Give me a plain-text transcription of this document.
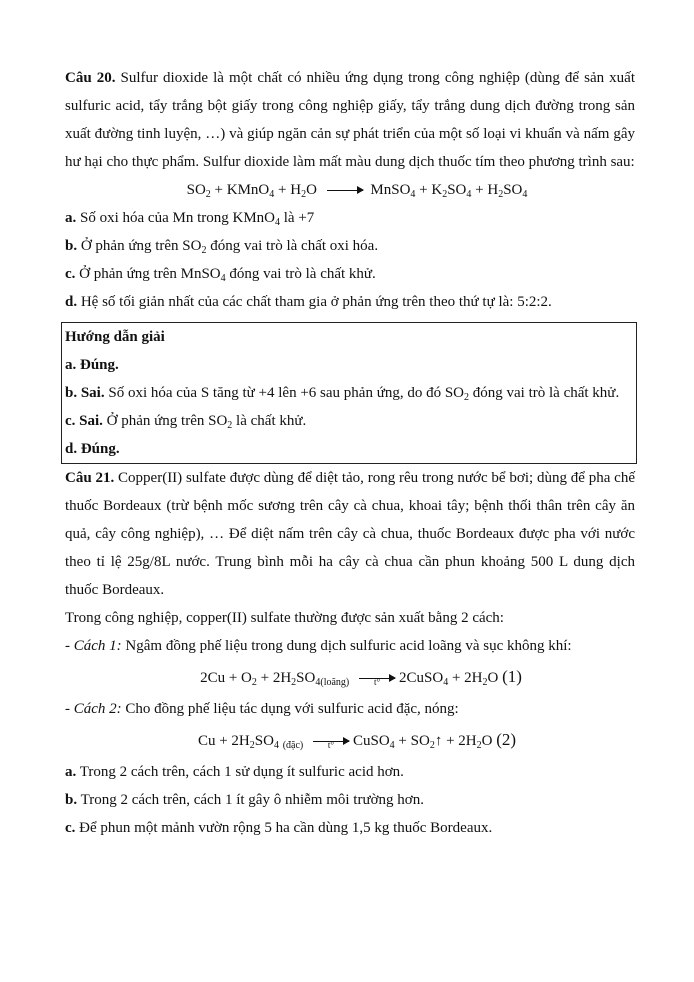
Câu 20. Sulfur dioxide là một chất có nhiều ứng dụng trong công nghiệp (dùng để sản xuất sulfuric acid, tẩy trắng bột giấy trong công nghiệp giấy, tẩy trắng dung dịch đường trong sản xuất đường tinh luyện, …) và giúp ngăn cản sự phát triển của một số loại vi khuẩn và nấm gây hư hại cho thực phẩm. Sulfur dioxide làm mất màu dung dịch thuốc tím theo phương trình sau:

$SO_2$ + KMnO$_4$ + $H_2O$ → MnSO$_4$ + $K_2SO_4 + H_2SO_4$

a. Số oxi hóa của Mn trong KMnO$_4$ là +7

b. Ở phản ứng trên $SO_2$ đóng vai trò là chất oxi hóa.

c. Ở phản ứng trên MnSO$_4$ đóng vai trò là chất khử.

d. Hệ số tối giản nhất của các chất tham gia ở phản ứng trên theo thứ tự là: 5:2:2.

Hướng dẫn giải

a. Đúng.

b. Sai. Số oxi hóa của S tăng từ +4 lên +6 sau phản ứng, do đó $SO_2$ đóng vai trò là chất khử.

c. Sai. Ở phản ứng trên $SO_2$ là chất khử.

d. Đúng.

Câu 21. Copper(II) sulfate được dùng để diệt tảo, rong rêu trong nước bể bơi; dùng để pha chế thuốc Bordeaux (trừ bệnh mốc sương trên cây cà chua, khoai tây; bệnh thối thân trên cây ăn quả, cây công nghiệp), … Để diệt nấm trên cây cà chua, thuốc Bordeaux được pha với nước theo tỉ lệ 25g/8L nước. Trung bình mỗi ha cây cà chua cần phun khoảng 500 L dung dịch thuốc Bordeaux.

Trong công nghiệp, copper(II) sulfate thường được sản xuất bằng 2 cách:

- Cách 1: Ngâm đồng phế liệu trong dung dịch sulfuric acid loãng và sục không khí:

$2Cu + O_2 + 2H_2SO_{4(loãng)}$	t°	2CuSO$_4$ + $2H_2O$ (1)

- Cách 2: Cho đồng phế liệu tác dụng với sulfuric acid đặc, nóng:

$Cu + 2H_2SO_4$ $_{(đặc)}$	t°	CuSO$_4$ + $SO_2↑ + 2H_2O$ (2)

a. Trong 2 cách trên, cách 1 sử dụng ít sulfuric acid hơn.

b. Trong 2 cách trên, cách 1 ít gây ô nhiễm môi trường hơn.

c. Để phun một mảnh vườn rộng 5 ha cần dùng 1,5 kg thuốc Bordeaux.
